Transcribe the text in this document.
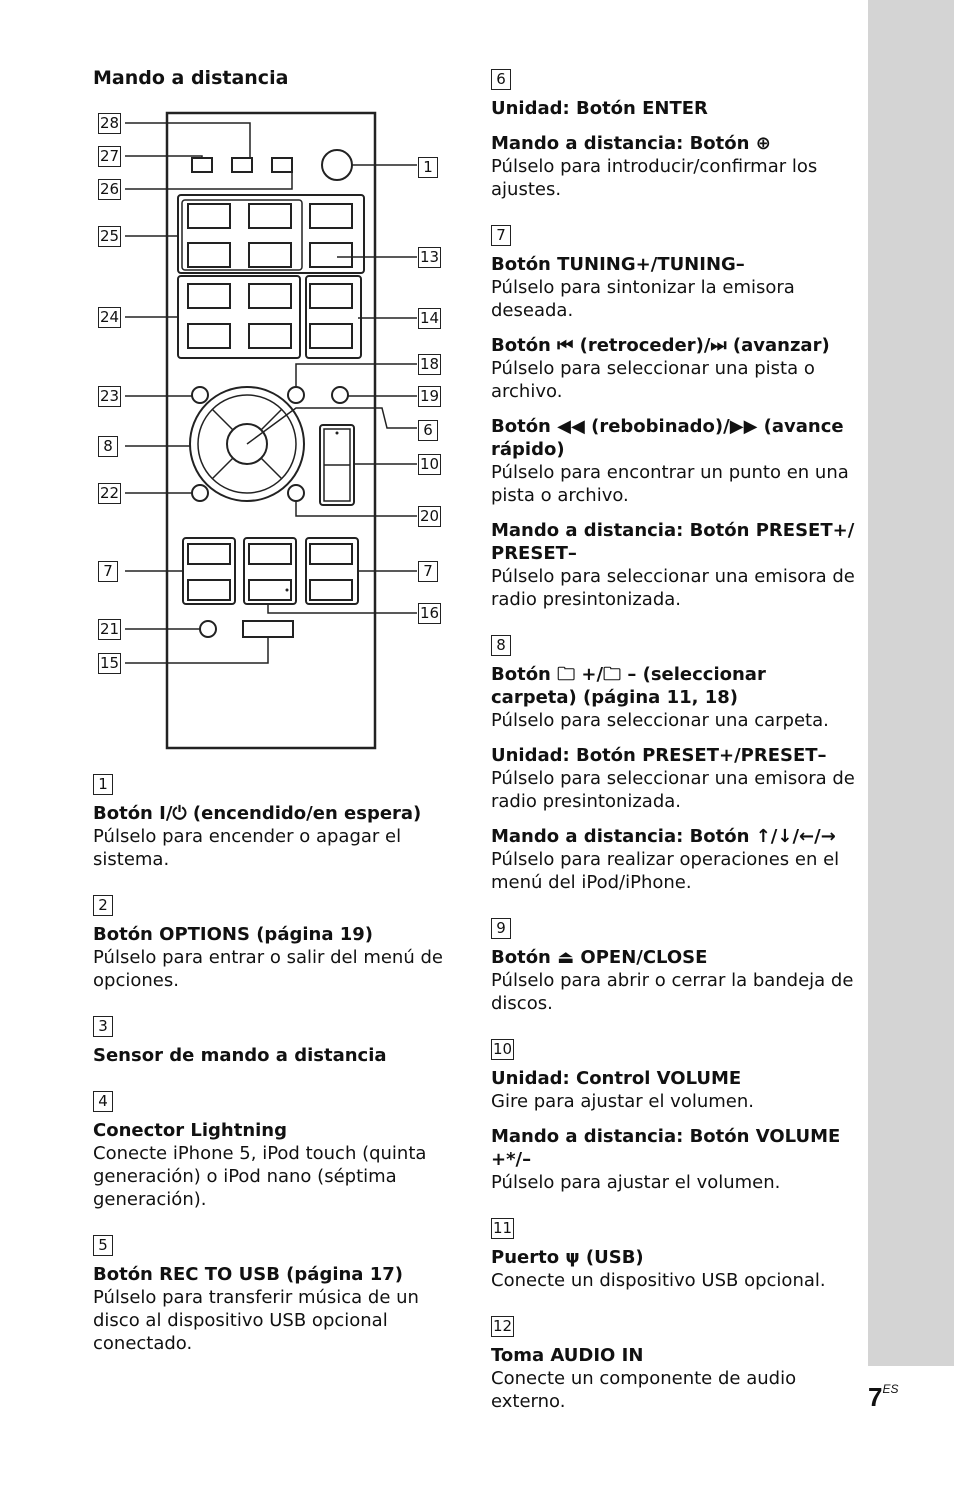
Mando a distancia
28
27
26
25
24
23
8
22
7
21
15
1
13
14
18
19
6
10
20
7
16
1
Botón I/⏻ (encendido/en espera)
Púlselo para encender o apagar el sistema.
2
Botón OPTIONS (página 19)
Púlselo para entrar o salir del menú de opciones.
3
Sensor de mando a distancia
4
Conector Lightning
Conecte iPhone 5, iPod touch (quinta generación) o iPod nano (séptima generación).
5
Botón REC TO USB (página 17)
Púlselo para transferir música de un disco al dispositivo USB opcional conectado.
6
Unidad: Botón ENTER
Mando a distancia: Botón ⊕
Púlselo para introducir/confirmar los ajustes.
7
Botón TUNING+/TUNING–
Púlselo para sintonizar la emisora deseada.
Botón ⏮ (retroceder)/⏭ (avanzar)
Púlselo para seleccionar una pista o archivo.
Botón ◀◀ (rebobinado)/▶▶ (avance rápido)
Púlselo para encontrar un punto en una pista o archivo.
Mando a distancia: Botón PRESET+/ PRESET–
Púlselo para seleccionar una emisora de radio presintonizada.
8
Botón 🗀 +/🗀 – (seleccionar carpeta) (página 11, 18)
Púlselo para seleccionar una carpeta.
Unidad: Botón PRESET+/PRESET–
Púlselo para seleccionar una emisora de radio presintonizada.
Mando a distancia: Botón ↑/↓/←/→
Púlselo para realizar operaciones en el menú del iPod/iPhone.
9
Botón ⏏ OPEN/CLOSE
Púlselo para abrir o cerrar la bandeja de discos.
10
Unidad: Control VOLUME
Gire para ajustar el volumen.
Mando a distancia: Botón VOLUME +*/–
Púlselo para ajustar el volumen.
11
Puerto ψ (USB)
Conecte un dispositivo USB opcional.
12
Toma AUDIO IN
Conecte un componente de audio externo.	$7^{ES}$
